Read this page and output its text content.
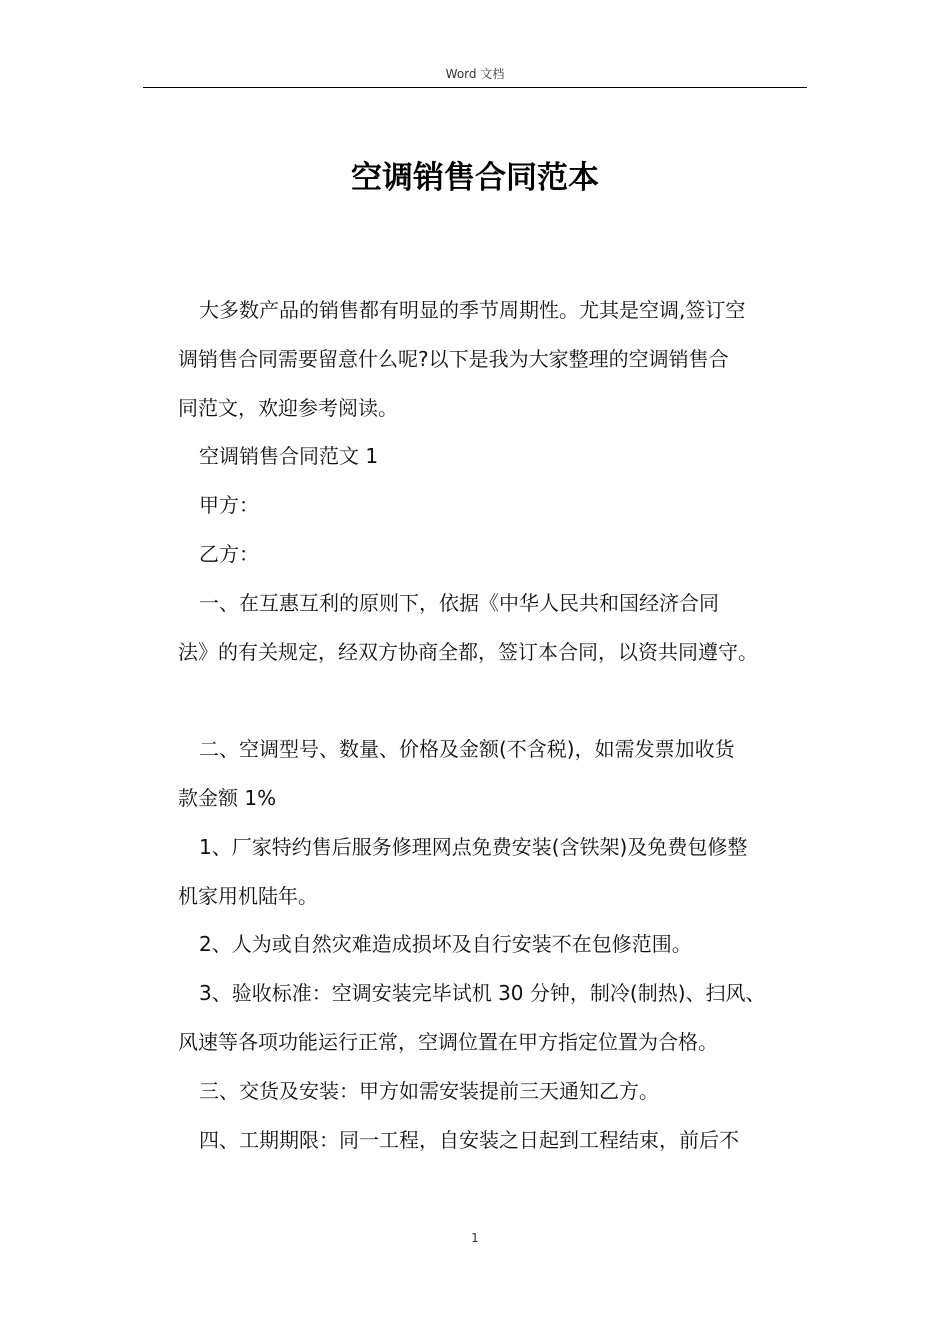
Word 文档
空调销售合同范本
大多数产品的销售都有明显的季节周期性。尤其是空调,签订空
调销售合同需要留意什么呢?以下是我为大家整理的空调销售合
同范文，欢迎参考阅读。
空调销售合同范文 1
甲方：
乙方：
一、在互惠互利的原则下，依据《中华人民共和国经济合同
法》的有关规定，经双方协商全都，签订本合同，以资共同遵守。
二、空调型号、数量、价格及金额(不含税)，如需发票加收货
款金额 1%
1、厂家特约售后服务修理网点免费安装(含铁架)及免费包修整
机家用机陆年。
2、人为或自然灾难造成损坏及自行安装不在包修范围。
3、验收标准：空调安装完毕试机 30 分钟，制冷(制热)、扫风、
风速等各项功能运行正常，空调位置在甲方指定位置为合格。
三、交货及安装：甲方如需安装提前三天通知乙方。
四、工期期限：同一工程，自安装之日起到工程结束，前后不
1
